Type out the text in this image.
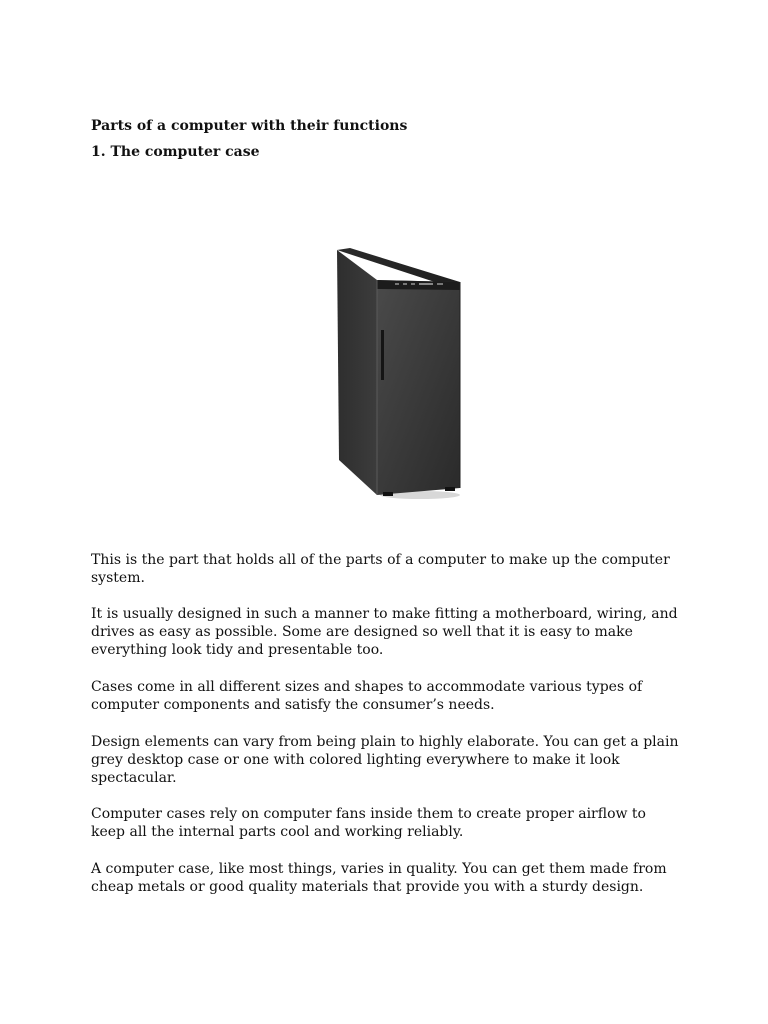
Parts of a computer with their functions
1. The computer case

This is the part that holds all of the parts of a computer to make up the computer system.

It is usually designed in such a manner to make fitting a motherboard, wiring, and drives as easy as possible. Some are designed so well that it is easy to make everything look tidy and presentable too.

Cases come in all different sizes and shapes to accommodate various types of computer components and satisfy the consumer’s needs.

Design elements can vary from being plain to highly elaborate. You can get a plain grey desktop case or one with colored lighting everywhere to make it look spectacular.

Computer cases rely on computer fans inside them to create proper airflow to keep all the internal parts cool and working reliably.

A computer case, like most things, varies in quality. You can get them made from cheap metals or good quality materials that provide you with a sturdy design.
